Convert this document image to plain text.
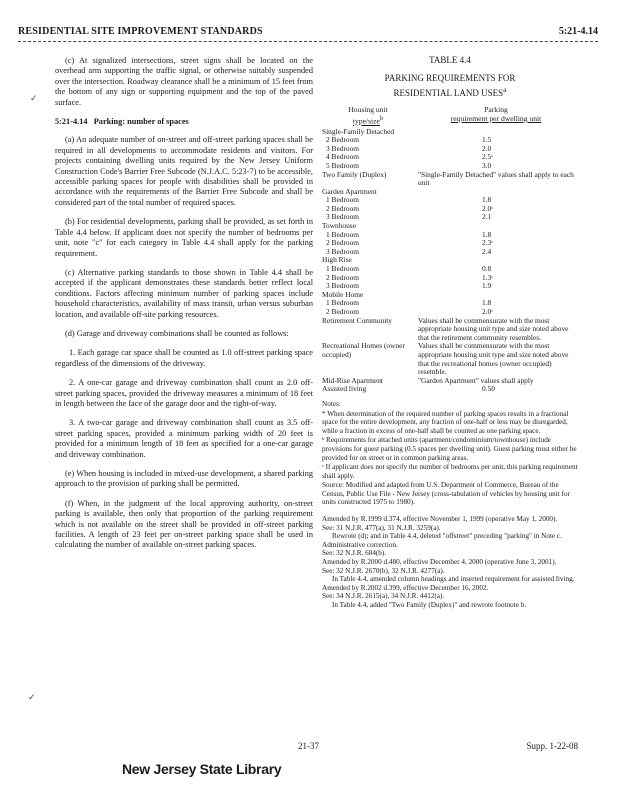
RESIDENTIAL SITE IMPROVEMENT STANDARDS	5:21-4.14

(c) At signalized intersections, street signs shall be located on the overhead arm supporting the traffic signal, or otherwise suitably suspended over the intersection. Roadway clearance shall be a minimum of 15 feet from the bottom of any sign or supporting equipment and the top of the paved surface.

5:21-4.14 Parking: number of spaces

(a) An adequate number of on-street and off-street parking spaces shall be required in all developments to accommodate residents and visitors. For projects containing dwelling units required by the New Jersey Uniform Construction Code's Barrier Free Subcode (N.J.A.C. 5:23-7) to be accessible, accessible parking spaces for people with disabilities shall be provided in accordance with the requirements of the Barrier Free Subcode and shall be considered part of the total number of required spaces.

(b) For residential developments, parking shall be provided, as set forth in Table 4.4 below. If applicant does not specify the number of bedrooms per unit, note "c" for each category in Table 4.4 shall apply for the parking requirement.

(c) Alternative parking standards to those shown in Table 4.4 shall be accepted if the applicant demonstrates these standards better reflect local conditions. Factors affecting minimum number of parking spaces include household characteristics, availability of mass transit, urban versus suburban location, and available off-site parking resources.

(d) Garage and driveway combinations shall be counted as follows:

1. Each garage car space shall be counted as 1.0 off-street parking space regardless of the dimensions of the driveway.

2. A one-car garage and driveway combination shall count as 2.0 off-street parking spaces, provided the driveway measures a minimum of 18 feet in length between the face of the garage door and the right-of-way.

3. A two-car garage and driveway combination shall count as 3.5 off-street parking spaces, provided a minimum parking width of 20 feet is provided for a minimum length of 18 feet as specified for a one-car garage and driveway combination.

(e) When housing is included in mixed-use development, a shared parking approach to the provision of parking shall be permitted.

(f) When, in the judgment of the local approving authority, on-street parking is available, then only that proportion of the parking requirement which is not available on the street shall be provided in off-street parking facilities. A length of 23 feet per on-street parking space shall be used in calculating the number of available on-street parking spaces.

TABLE 4.4
PARKING REQUIREMENTS FOR
RESIDENTIAL LAND USES$^a$
Housing unit
type/size$^b$
Parking
requirement per dwelling unit
Single-Family Detached	
2 Bedroom	1.5
3 Bedroom	2.0
4 Bedroom	2.5ᶜ
5 Bedroom	3.0
Two Family (Duplex)	"Single-Family Detached" values shall apply to each unit
Garden Apartment	
1 Bedroom	1.8
2 Bedroom	2.0ᶜ
3 Bedroom	2.1
Townhouse	
1 Bedroom	1.8
2 Bedroom	2.3ᶜ
3 Bedroom	2.4
High Rise	
1 Bedroom	0.8
2 Bedroom	1.3ᶜ
3 Bedroom	1.9
Mobile Home	
1 Bedroom	1.8
2 Bedroom	2.0ᶜ
Retirement Community	Values shall be commensurate with the most appropriate housing unit type and size noted above that the retirement community resembles.
Recreational Homes (owner occupied)	Values shall be commensurate with the most appropriate housing unit type and size noted above that the recreational homes (owner occupied) resemble.
Mid-Rise Apartment	"Garden Apartment" values shall apply
Assisted living	0.50
Notes:
* When determination of the required number of parking spaces results in a fractional space for the entire development, any fraction of one-half or less may be disregarded, while a fraction in excess of one-half shall be counted as one parking space.
ᵇ Requirements for attached units (apartment/condominium/townhouse) include provisions for guest parking (0.5 spaces per dwelling unit). Guest parking must either be provided for on street or in common parking areas.
ᶜ If applicant does not specify the number of bedrooms per unit, this parking requirement shall apply.
Source: Modified and adapted from U.S. Department of Commerce, Bureau of the Census, Public Use File - New Jersey (cross-tabulation of vehicles by housing unit for units constructed 1975 to 1980).
Amended by R.1999 d.374, effective November 1, 1999 (operative May 1, 2000).
See: 31 N.J.R. 477(a), 31 N.J.R. 3259(a).
Rewrote (d); and in Table 4.4, deleted "offstreet" preceding "parking" in Note c.
Administrative correction.
See: 32 N.J.R. 684(b).
Amended by R.2000 d.480, effective December 4, 2000 (operative June 3, 2001).
See: 32 N.J.R. 2670(b), 32 N.J.R. 4277(a).
In Table 4.4, amended column headings and inserted requirement for assisted living.
Amended by R.2002 d.399, effective December 16, 2002.
See: 34 N.J.R. 2615(a), 34 N.J.R. 4412(a).
In Table 4.4, added "Two Family (Duplex)" and rewrote footnote b.
21-37	Supp. 1-22-08
New Jersey State Library
✓
✓
